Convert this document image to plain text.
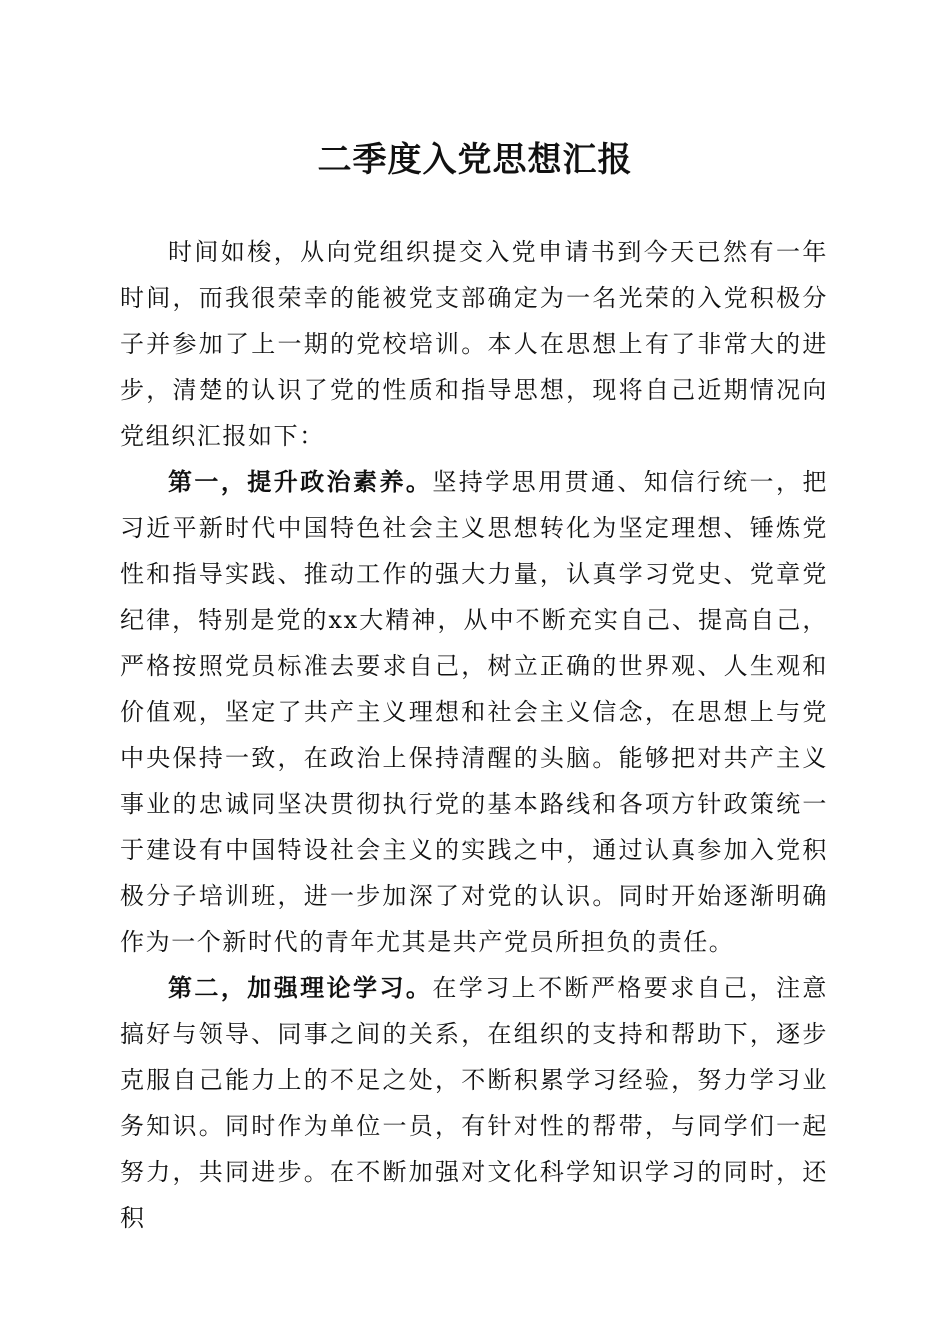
二季度入党思想汇报

时间如梭，从向党组织提交入党申请书到今天已然有一年时间，而我很荣幸的能被党支部确定为一名光荣的入党积极分子并参加了上一期的党校培训。本人在思想上有了非常大的进步，清楚的认识了党的性质和指导思想，现将自己近期情况向党组织汇报如下：

第一，提升政治素养。坚持学思用贯通、知信行统一，把习近平新时代中国特色社会主义思想转化为坚定理想、锤炼党性和指导实践、推动工作的强大力量，认真学习党史、党章党纪律，特别是党的xx大精神，从中不断充实自己、提高自己，严格按照党员标准去要求自己，树立正确的世界观、人生观和价值观，坚定了共产主义理想和社会主义信念，在思想上与党中央保持一致，在政治上保持清醒的头脑。能够把对共产主义事业的忠诚同坚决贯彻执行党的基本路线和各项方针政策统一于建设有中国特设社会主义的实践之中，通过认真参加入党积极分子培训班，进一步加深了对党的认识。同时开始逐渐明确作为一个新时代的青年尤其是共产党员所担负的责任。

第二，加强理论学习。在学习上不断严格要求自己，注意搞好与领导、同事之间的关系，在组织的支持和帮助下，逐步克服自己能力上的不足之处，不断积累学习经验，努力学习业务知识。同时作为单位一员，有针对性的帮带，与同学们一起努力，共同进步。在不断加强对文化科学知识学习的同时，还积
